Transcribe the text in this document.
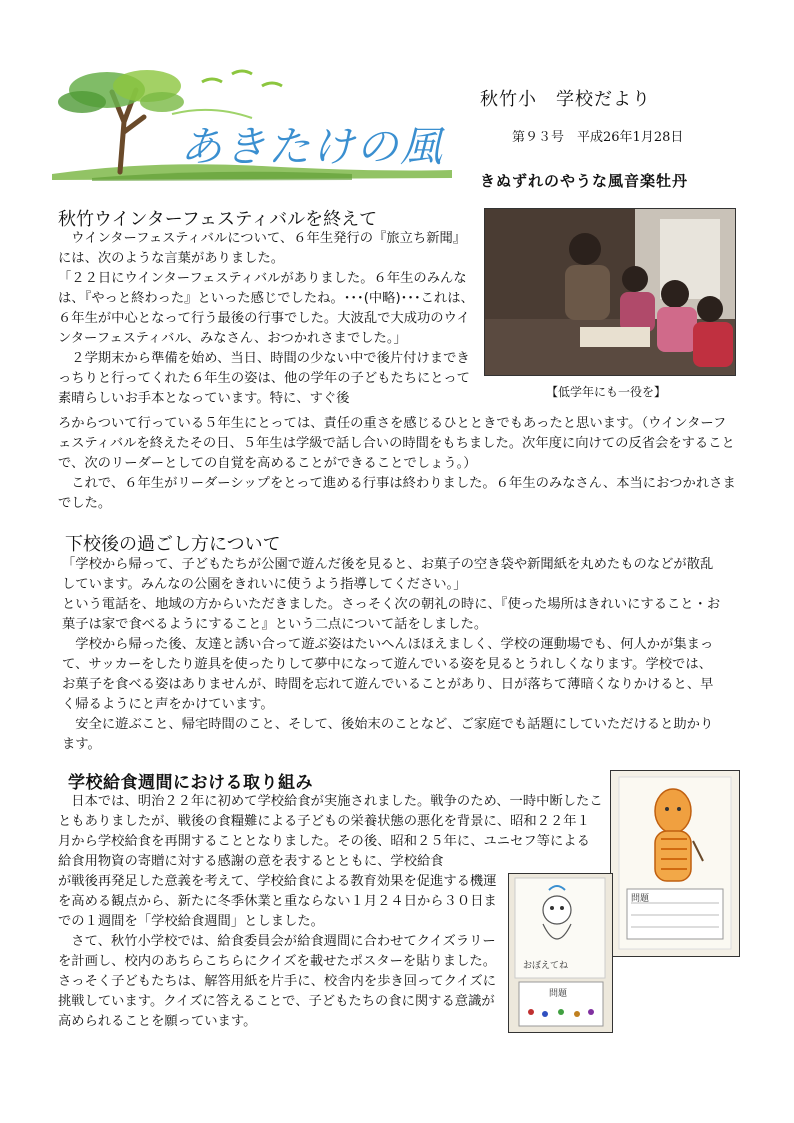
あきたけの風
秋竹小　学校だより
第９３号　平成26年1月28日
きぬずれのやうな風音楽牡丹
秋竹ウインターフェスティバルを終えて

　ウインターフェスティバルについて、６年生発行の『旅立ち新聞』には、次のような言葉がありました。

「２２日にウインターフェスティバルがありました。６年生のみんなは、『やっと終わった』といった感じでしたね。･･･(中略)･･･これは、６年生が中心となって行う最後の行事でした。大波乱で大成功のウインターフェスティバル、みなさん、おつかれさまでした。」

　２学期末から準備を始め、当日、時間の少ない中で後片付けまできっちりと行ってくれた６年生の姿は、他の学年の子どもたちにとって素晴らしいお手本となっています。特に、すぐ後

ろからついて行っている５年生にとっては、責任の重さを感じるひとときでもあったと思います。（ウインターフェスティバルを終えたその日、５年生は学級で話し合いの時間をもちました。次年度に向けての反省会をすることで、次のリーダーとしての自覚を高めることができることでしょう。）

　これで、６年生がリーダーシップをとって進める行事は終わりました。６年生のみなさん、本当におつかれさまでした。

【低学年にも一役を】
下校後の過ごし方について

「学校から帰って、子どもたちが公園で遊んだ後を見ると、お菓子の空き袋や新聞紙を丸めたものなどが散乱しています。みんなの公園をきれいに使うよう指導してください。」

という電話を、地域の方からいただきました。さっそく次の朝礼の時に、『使った場所はきれいにすること・お菓子は家で食べるようにすること』という二点について話をしました。

　学校から帰った後、友達と誘い合って遊ぶ姿はたいへんほほえましく、学校の運動場でも、何人かが集まって、サッカーをしたり遊具を使ったりして夢中になって遊んでいる姿を見るとうれしくなります。学校では、お菓子を食べる姿はありませんが、時間を忘れて遊んでいることがあり、日が落ちて薄暗くなりかけると、早く帰るようにと声をかけています。

　安全に遊ぶこと、帰宅時間のこと、そして、後始末のことなど、ご家庭でも話題にしていただけると助かります。

学校給食週間における取り組み

　日本では、明治２２年に初めて学校給食が実施されました。戦争のため、一時中断したこともありましたが、戦後の食糧難による子どもの栄養状態の悪化を背景に、昭和２２年１月から学校給食を再開することとなりました。その後、昭和２５年に、ユニセフ等による給食用物資の寄贈に対する感謝の意を表するとともに、学校給食

が戦後再発足した意義を考えて、学校給食による教育効果を促進する機運を高める観点から、新たに冬季休業と重ならない１月２４日から３０日までの１週間を「学校給食週間」としました。

　さて、秋竹小学校では、給食委員会が給食週間に合わせてクイズラリーを計画し、校内のあちらこちらにクイズを載せたポスターを貼りました。さっそく子どもたちは、解答用紙を片手に、校舎内を歩き回ってクイズに挑戦しています。クイズに答えることで、子どもたちの食に関する意識が高められることを願っています。

問題
おぼえてね
問題
